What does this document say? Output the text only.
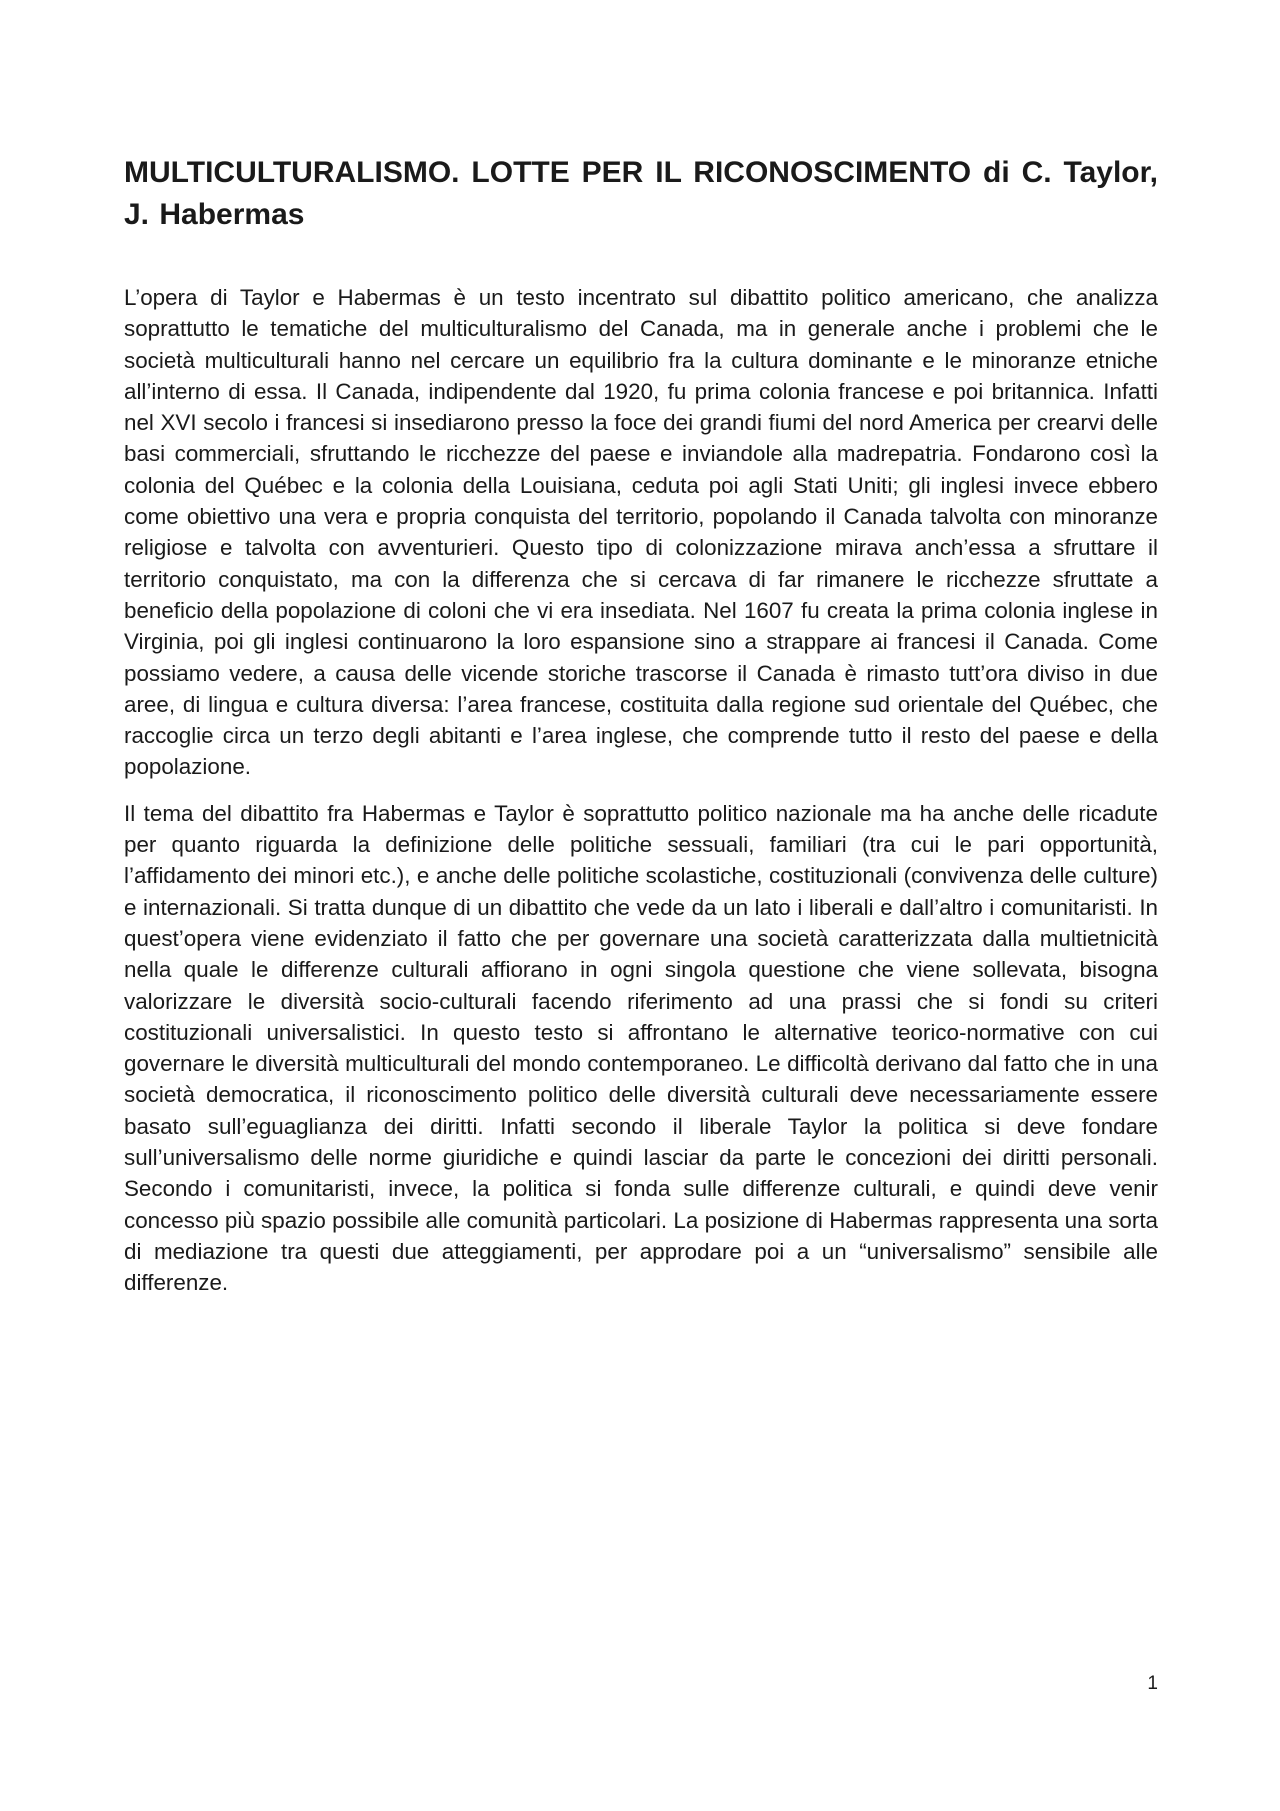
MULTICULTURALISMO. LOTTE PER IL RICONOSCIMENTO di C. Taylor, J. Habermas

L’opera di Taylor e Habermas è un testo incentrato sul dibattito politico americano, che analizza soprattutto le tematiche del multiculturalismo del Canada, ma in generale anche i problemi che le società multiculturali hanno nel cercare un equilibrio fra la cultura dominante e le minoranze etniche all’interno di essa. Il Canada, indipendente dal 1920, fu prima colonia francese e poi britannica. Infatti nel XVI secolo i francesi si insediarono presso la foce dei grandi fiumi del nord America per crearvi delle basi commerciali, sfruttando le ricchezze del paese e inviandole alla madrepatria. Fondarono così la colonia del Québec e la colonia della Louisiana, ceduta poi agli Stati Uniti; gli inglesi invece ebbero come obiettivo una vera e propria conquista del territorio, popolando il Canada talvolta con minoranze religiose e talvolta con avventurieri. Questo tipo di colonizzazione mirava anch’essa a sfruttare il territorio conquistato, ma con la differenza che si cercava di far rimanere le ricchezze sfruttate a beneficio della popolazione di coloni che vi era insediata. Nel 1607 fu creata la prima colonia inglese in Virginia, poi gli inglesi continuarono la loro espansione sino a strappare ai francesi il Canada. Come possiamo vedere, a causa delle vicende storiche trascorse il Canada è rimasto tutt’ora diviso in due aree, di lingua e cultura diversa: l’area francese, costituita dalla regione sud orientale del Québec, che raccoglie circa un terzo degli abitanti e l’area inglese, che comprende tutto il resto del paese e della popolazione.

Il tema del dibattito fra Habermas e Taylor è soprattutto politico nazionale ma ha anche delle ricadute per quanto riguarda la definizione delle politiche sessuali, familiari (tra cui le pari opportunità, l’affidamento dei minori etc.), e anche delle politiche scolastiche, costituzionali (convivenza delle culture) e internazionali. Si tratta dunque di un dibattito che vede da un lato i liberali e dall’altro i comunitaristi. In quest’opera viene evidenziato il fatto che per governare una società caratterizzata dalla multietnicità nella quale le differenze culturali affiorano in ogni singola questione che viene sollevata, bisogna valorizzare le diversità socio-culturali facendo riferimento ad una prassi che si fondi su criteri costituzionali universalistici. In questo testo si affrontano le alternative teorico-normative con cui governare le diversità multiculturali del mondo contemporaneo. Le difficoltà derivano dal fatto che in una società democratica, il riconoscimento politico delle diversità culturali deve necessariamente essere basato sull’eguaglianza dei diritti. Infatti secondo il liberale Taylor la politica si deve fondare sull’universalismo delle norme giuridiche e quindi lasciar da parte le concezioni dei diritti personali. Secondo i comunitaristi, invece, la politica si fonda sulle differenze culturali, e quindi deve venir concesso più spazio possibile alle comunità particolari. La posizione di Habermas rappresenta una sorta di mediazione tra questi due atteggiamenti, per approdare poi a un “universalismo” sensibile alle differenze.

1
